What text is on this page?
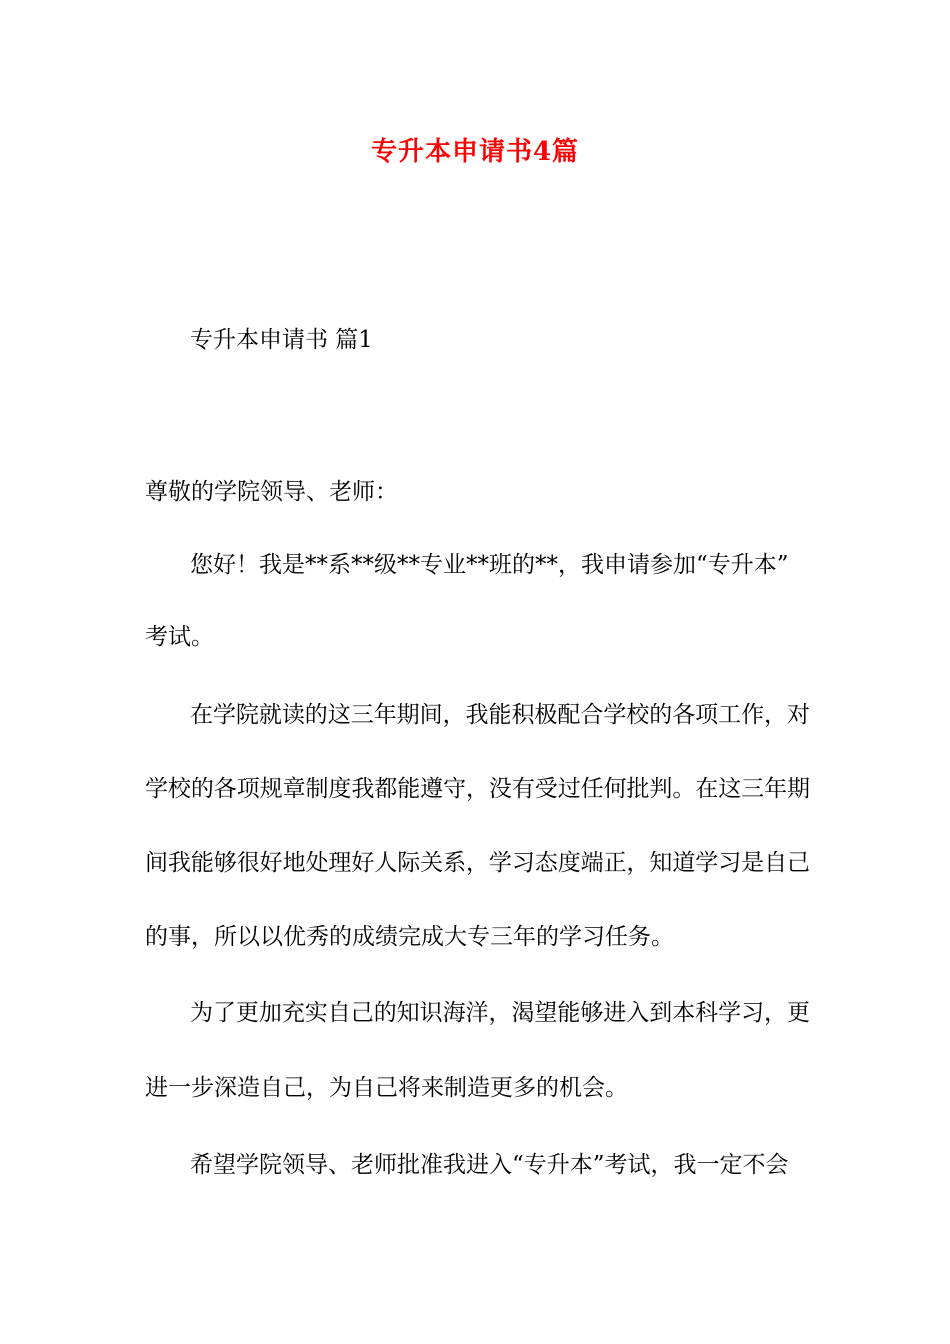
专升本申请书4篇

专升本申请书 篇1

尊敬的学院领导、老师：

您好！我是**系**级**专业**班的**，我申请参加“专升本”

考试。

在学院就读的这三年期间，我能积极配合学校的各项工作，对

学校的各项规章制度我都能遵守，没有受过任何批判。在这三年期

间我能够很好地处理好人际关系，学习态度端正，知道学习是自己

的事，所以以优秀的成绩完成大专三年的学习任务。

为了更加充实自己的知识海洋，渴望能够进入到本科学习，更

进一步深造自己，为自己将来制造更多的机会。

希望学院领导、老师批准我进入“专升本”考试，我一定不会
